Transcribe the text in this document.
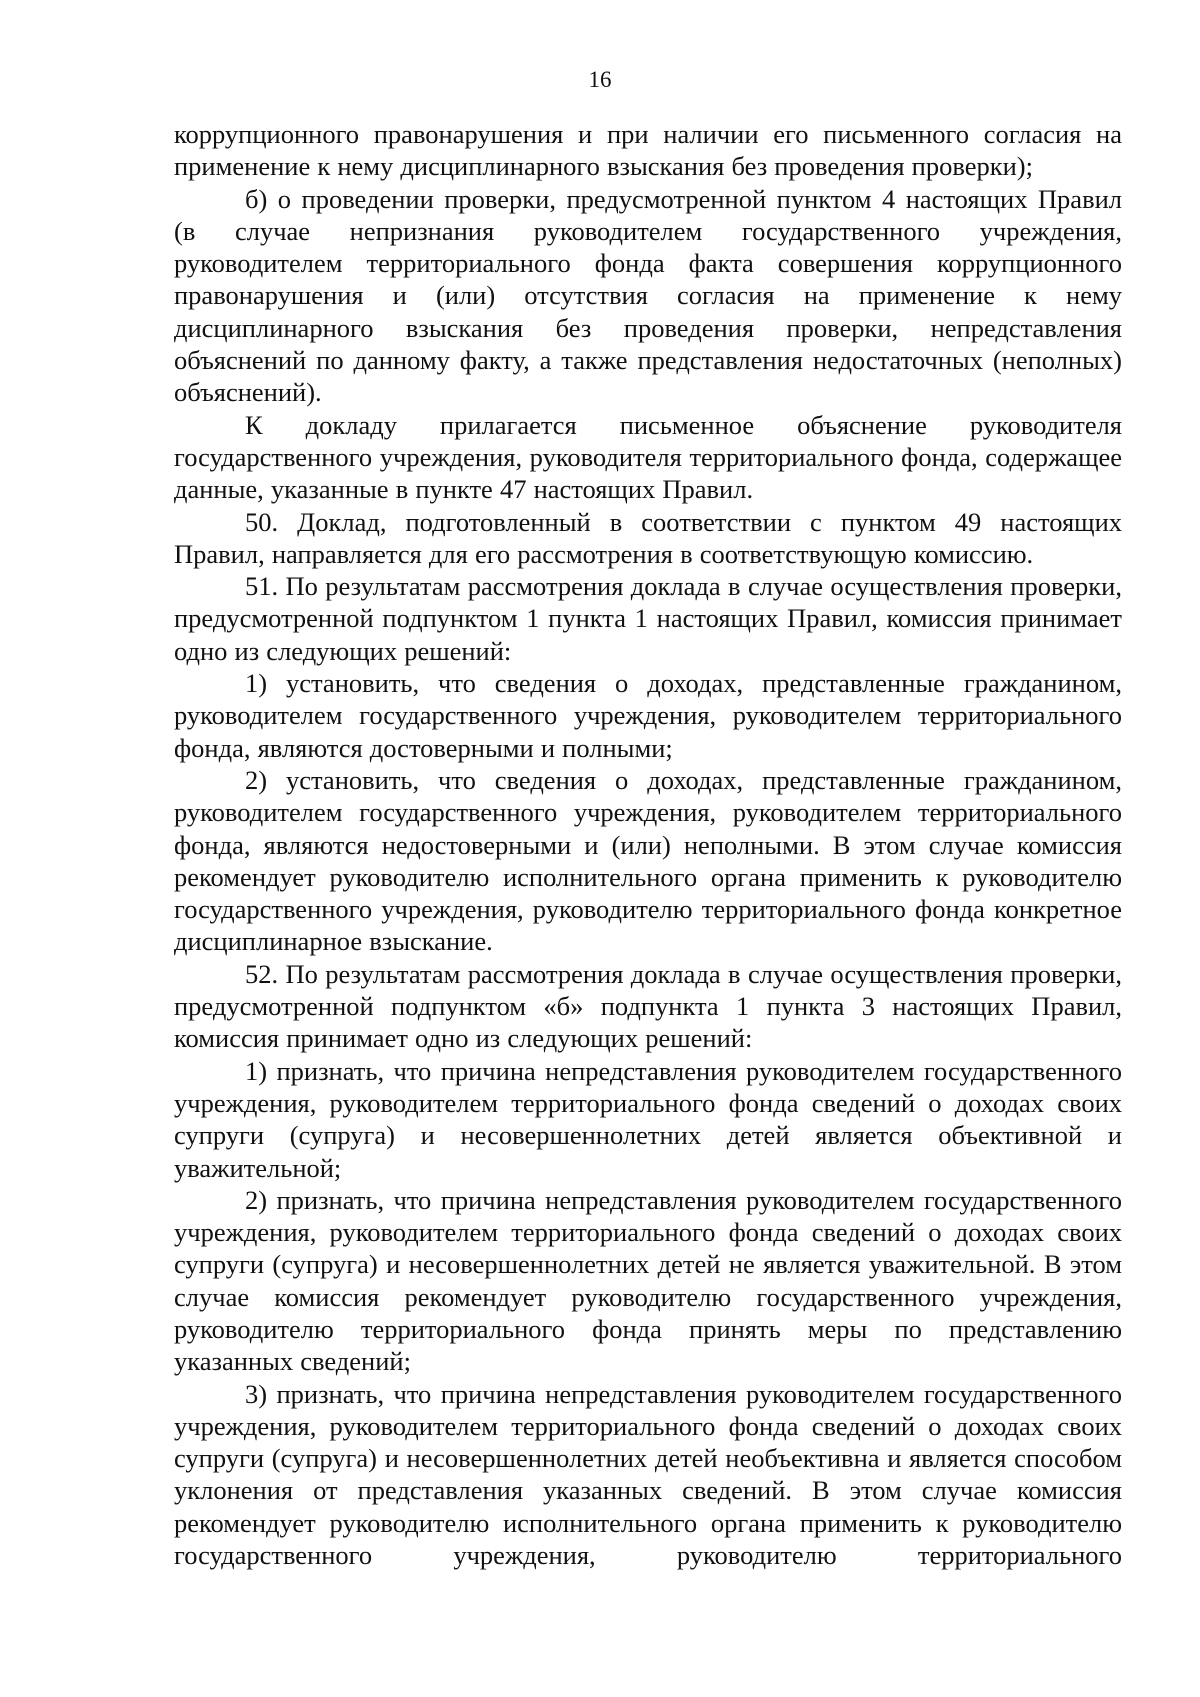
16

коррупционного правонарушения и при наличии его письменного согласия на применение к нему дисциплинарного взыскания без проведения проверки);

б) о проведении проверки, предусмотренной пунктом 4 настоящих Правил (в случае непризнания руководителем государственного учреждения, руководителем территориального фонда факта совершения коррупционного правонарушения и (или) отсутствия согласия на применение к нему дисциплинарного взыскания без проведения проверки, непредставления объяснений по данному факту, а также представления недостаточных (неполных) объяснений).

К докладу прилагается письменное объяснение руководителя государственного учреждения, руководителя территориального фонда, содержащее данные, указанные в пункте 47 настоящих Правил.

50. Доклад, подготовленный в соответствии с пунктом 49 настоящих Правил, направляется для его рассмотрения в соответствующую комиссию.

51. По результатам рассмотрения доклада в случае осуществления проверки, предусмотренной подпунктом 1 пункта 1 настоящих Правил, комиссия принимает одно из следующих решений:

1) установить, что сведения о доходах, представленные гражданином, руководителем государственного учреждения, руководителем территориального фонда, являются достоверными и полными;

2) установить, что сведения о доходах, представленные гражданином, руководителем государственного учреждения, руководителем территориального фонда, являются недостоверными и (или) неполными. В этом случае комиссия рекомендует руководителю исполнительного органа применить к руководителю государственного учреждения, руководителю территориального фонда конкретное дисциплинарное взыскание.

52. По результатам рассмотрения доклада в случае осуществления проверки, предусмотренной подпунктом «б» подпункта 1 пункта 3 настоящих Правил, комиссия принимает одно из следующих решений:

1) признать, что причина непредставления руководителем государственного учреждения, руководителем территориального фонда сведений о доходах своих супруги (супруга) и несовершеннолетних детей является объективной и уважительной;

2) признать, что причина непредставления руководителем государственного учреждения, руководителем территориального фонда сведений о доходах своих супруги (супруга) и несовершеннолетних детей не является уважительной. В этом случае комиссия рекомендует руководителю государственного учреждения, руководителю территориального фонда принять меры по представлению указанных сведений;

3) признать, что причина непредставления руководителем государственного учреждения, руководителем территориального фонда сведений о доходах своих супруги (супруга) и несовершеннолетних детей необъективна и является способом уклонения от представления указанных сведений. В этом случае комиссия рекомендует руководителю исполнительного органа применить к руководителю государственного учреждения, руководителю территориального
